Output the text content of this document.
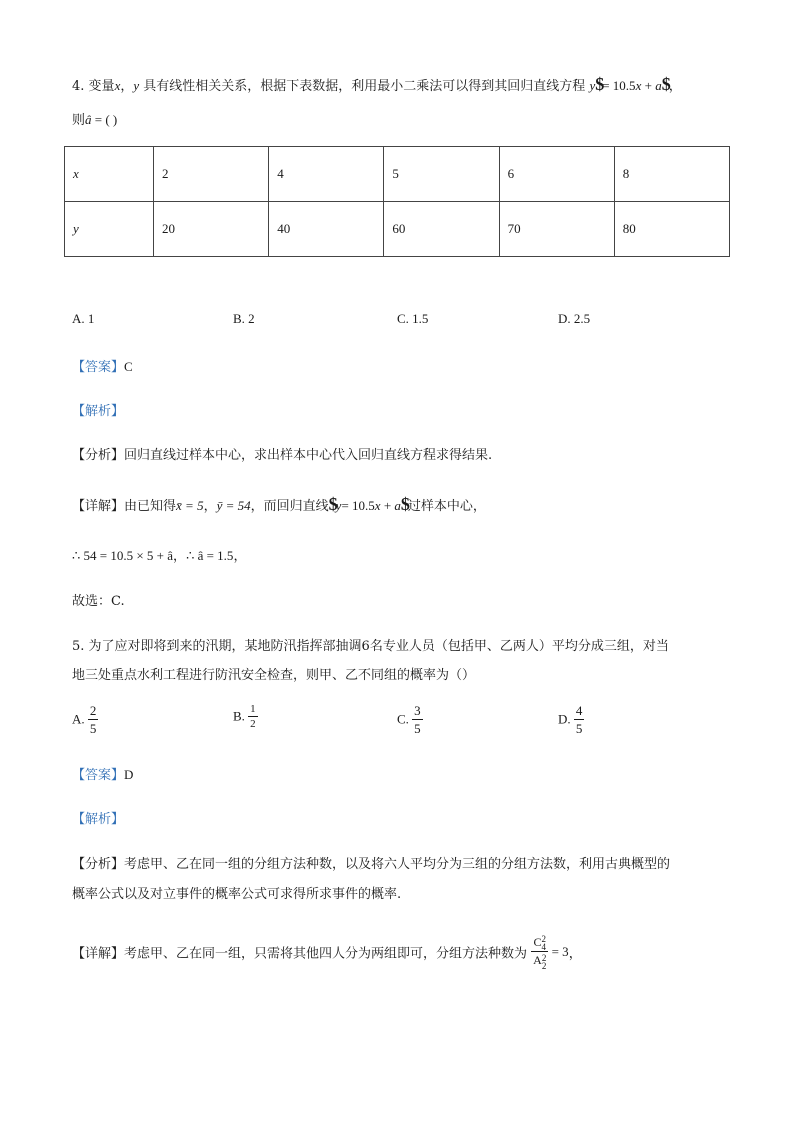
4. 变量x，y 具有线性相关关系，根据下表数据，利用最小二乘法可以得到其回归直线方程 y$= 10.5x + a$，
则â = ( )
x	2	4	5	6	8
y	20	40	60	70	80
A. 1	B. 2	C. 1.5	D. 2.5
【答案】C
【解析】
【分析】回归直线过样本中心，求出样本中心代入回归直线方程求得结果.
【详解】由已知得x̄ = 5，ȳ = 54，而回归直线$y= 10.5x + a$过样本中心，
∴ 54 = 10.5 × 5 + â，∴ â = 1.5，
故选：C.
5. 为了应对即将到来的汛期，某地防汛指挥部抽调6名专业人员（包括甲、乙两人）平均分成三组，对当
地三处重点水利工程进行防汛安全检查，则甲、乙不同组的概率为（）
A. $\frac{2}{5}$	B. $\frac{1}{2}$	C. $\frac{3}{5}$	D. $\frac{4}{5}$
【答案】D
【解析】
【分析】考虑甲、乙在同一组的分组方法种数，以及将六人平均分为三组的分组方法数，利用古典概型的
概率公式以及对立事件的概率公式可求得所求事件的概率.
【详解】考虑甲、乙在同一组，只需将其他四人分为两组即可，分组方法种数为 C 2
4
A 2
2 = 3，
